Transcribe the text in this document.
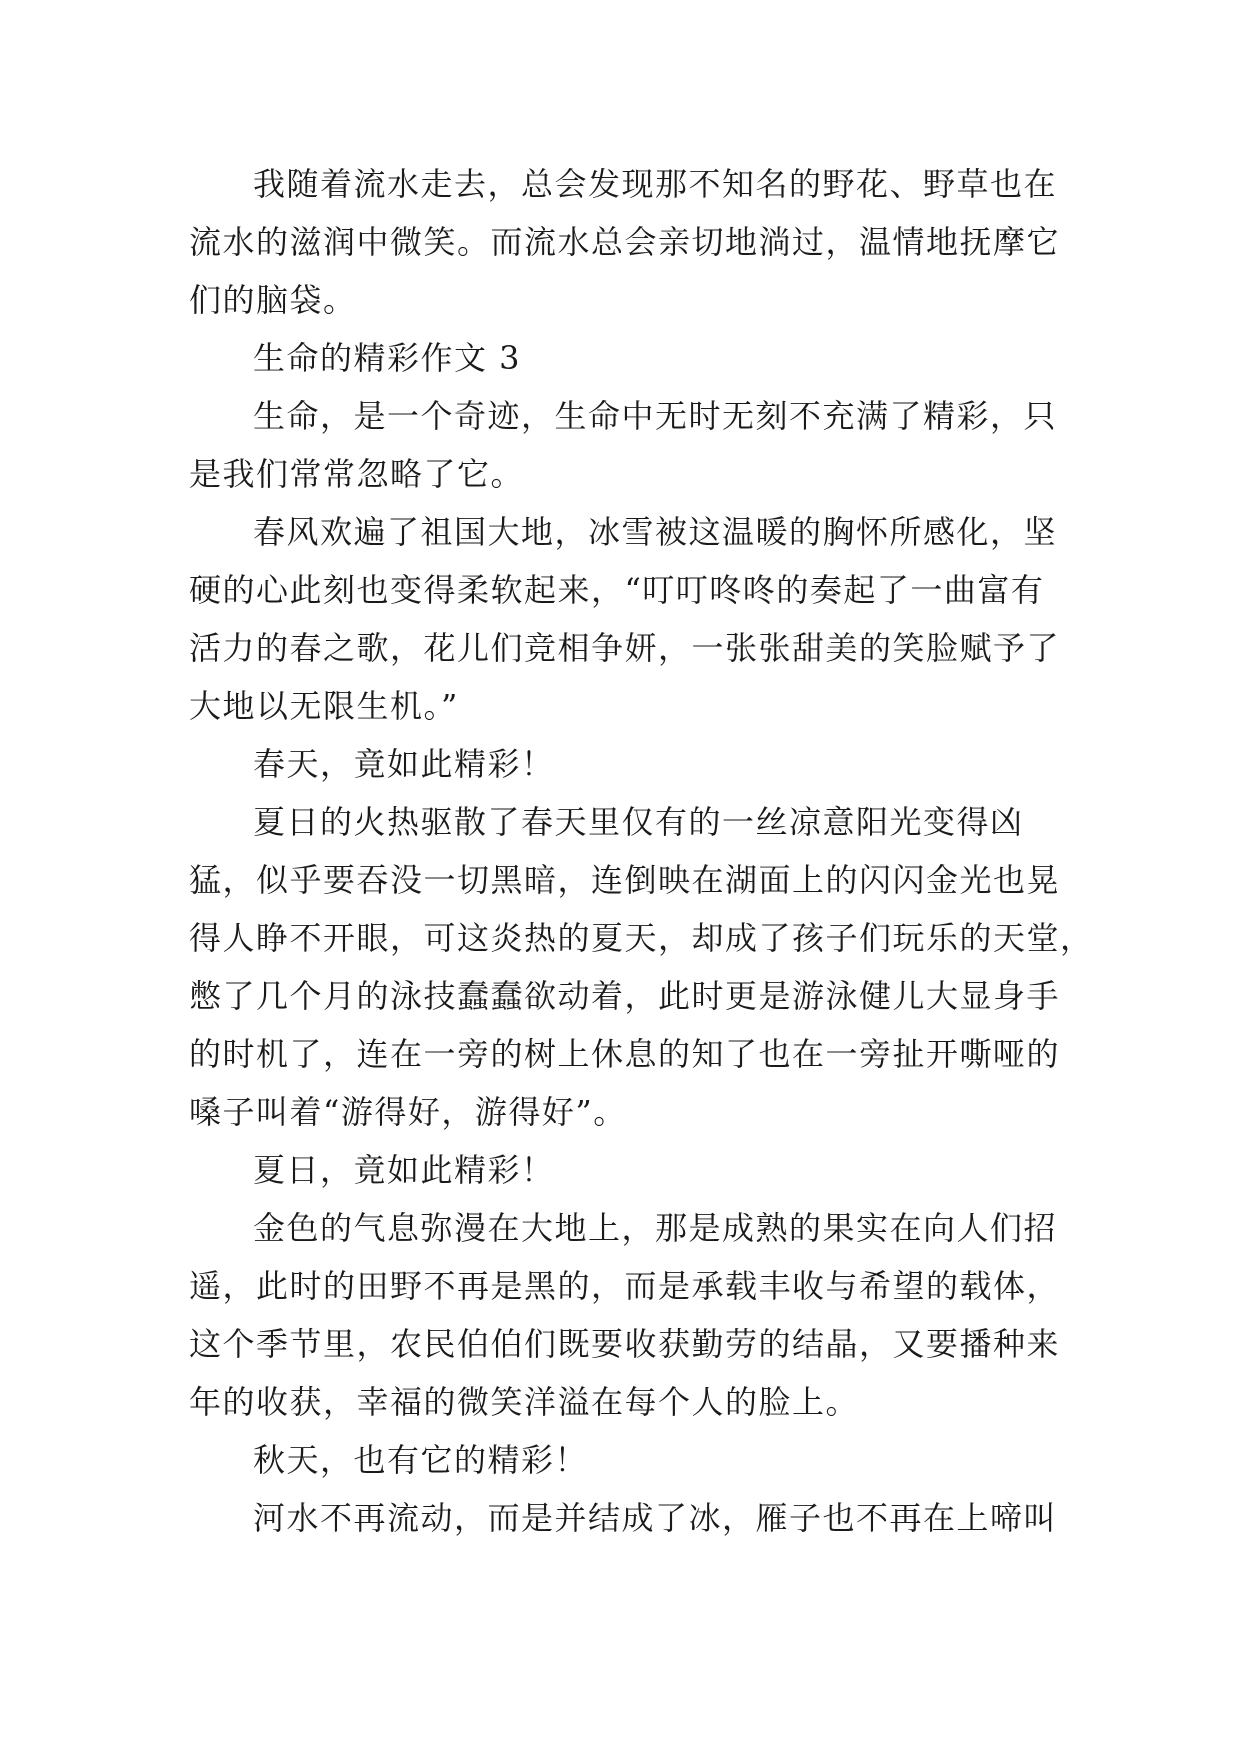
我随着流水走去，总会发现那不知名的野花、野草也在
流水的滋润中微笑。而流水总会亲切地淌过，温情地抚摩它
们的脑袋。
生命的精彩作文 3
生命，是一个奇迹，生命中无时无刻不充满了精彩，只
是我们常常忽略了它。
春风欢遍了祖国大地，冰雪被这温暖的胸怀所感化，坚
硬的心此刻也变得柔软起来，“叮叮咚咚的奏起了一曲富有
活力的春之歌，花儿们竞相争妍，一张张甜美的笑脸赋予了
大地以无限生机。”
春天，竟如此精彩！
夏日的火热驱散了春天里仅有的一丝凉意阳光变得凶
猛，似乎要吞没一切黑暗，连倒映在湖面上的闪闪金光也晃
得人睁不开眼，可这炎热的夏天，却成了孩子们玩乐的天堂，
憋了几个月的泳技蠢蠢欲动着，此时更是游泳健儿大显身手
的时机了，连在一旁的树上休息的知了也在一旁扯开嘶哑的
嗓子叫着“游得好，游得好”。
夏日，竟如此精彩！
金色的气息弥漫在大地上，那是成熟的果实在向人们招
遥，此时的田野不再是黑的，而是承载丰收与希望的载体，
这个季节里，农民伯伯们既要收获勤劳的结晶，又要播种来
年的收获，幸福的微笑洋溢在每个人的脸上。
秋天，也有它的精彩！
河水不再流动，而是并结成了冰，雁子也不再在上啼叫
